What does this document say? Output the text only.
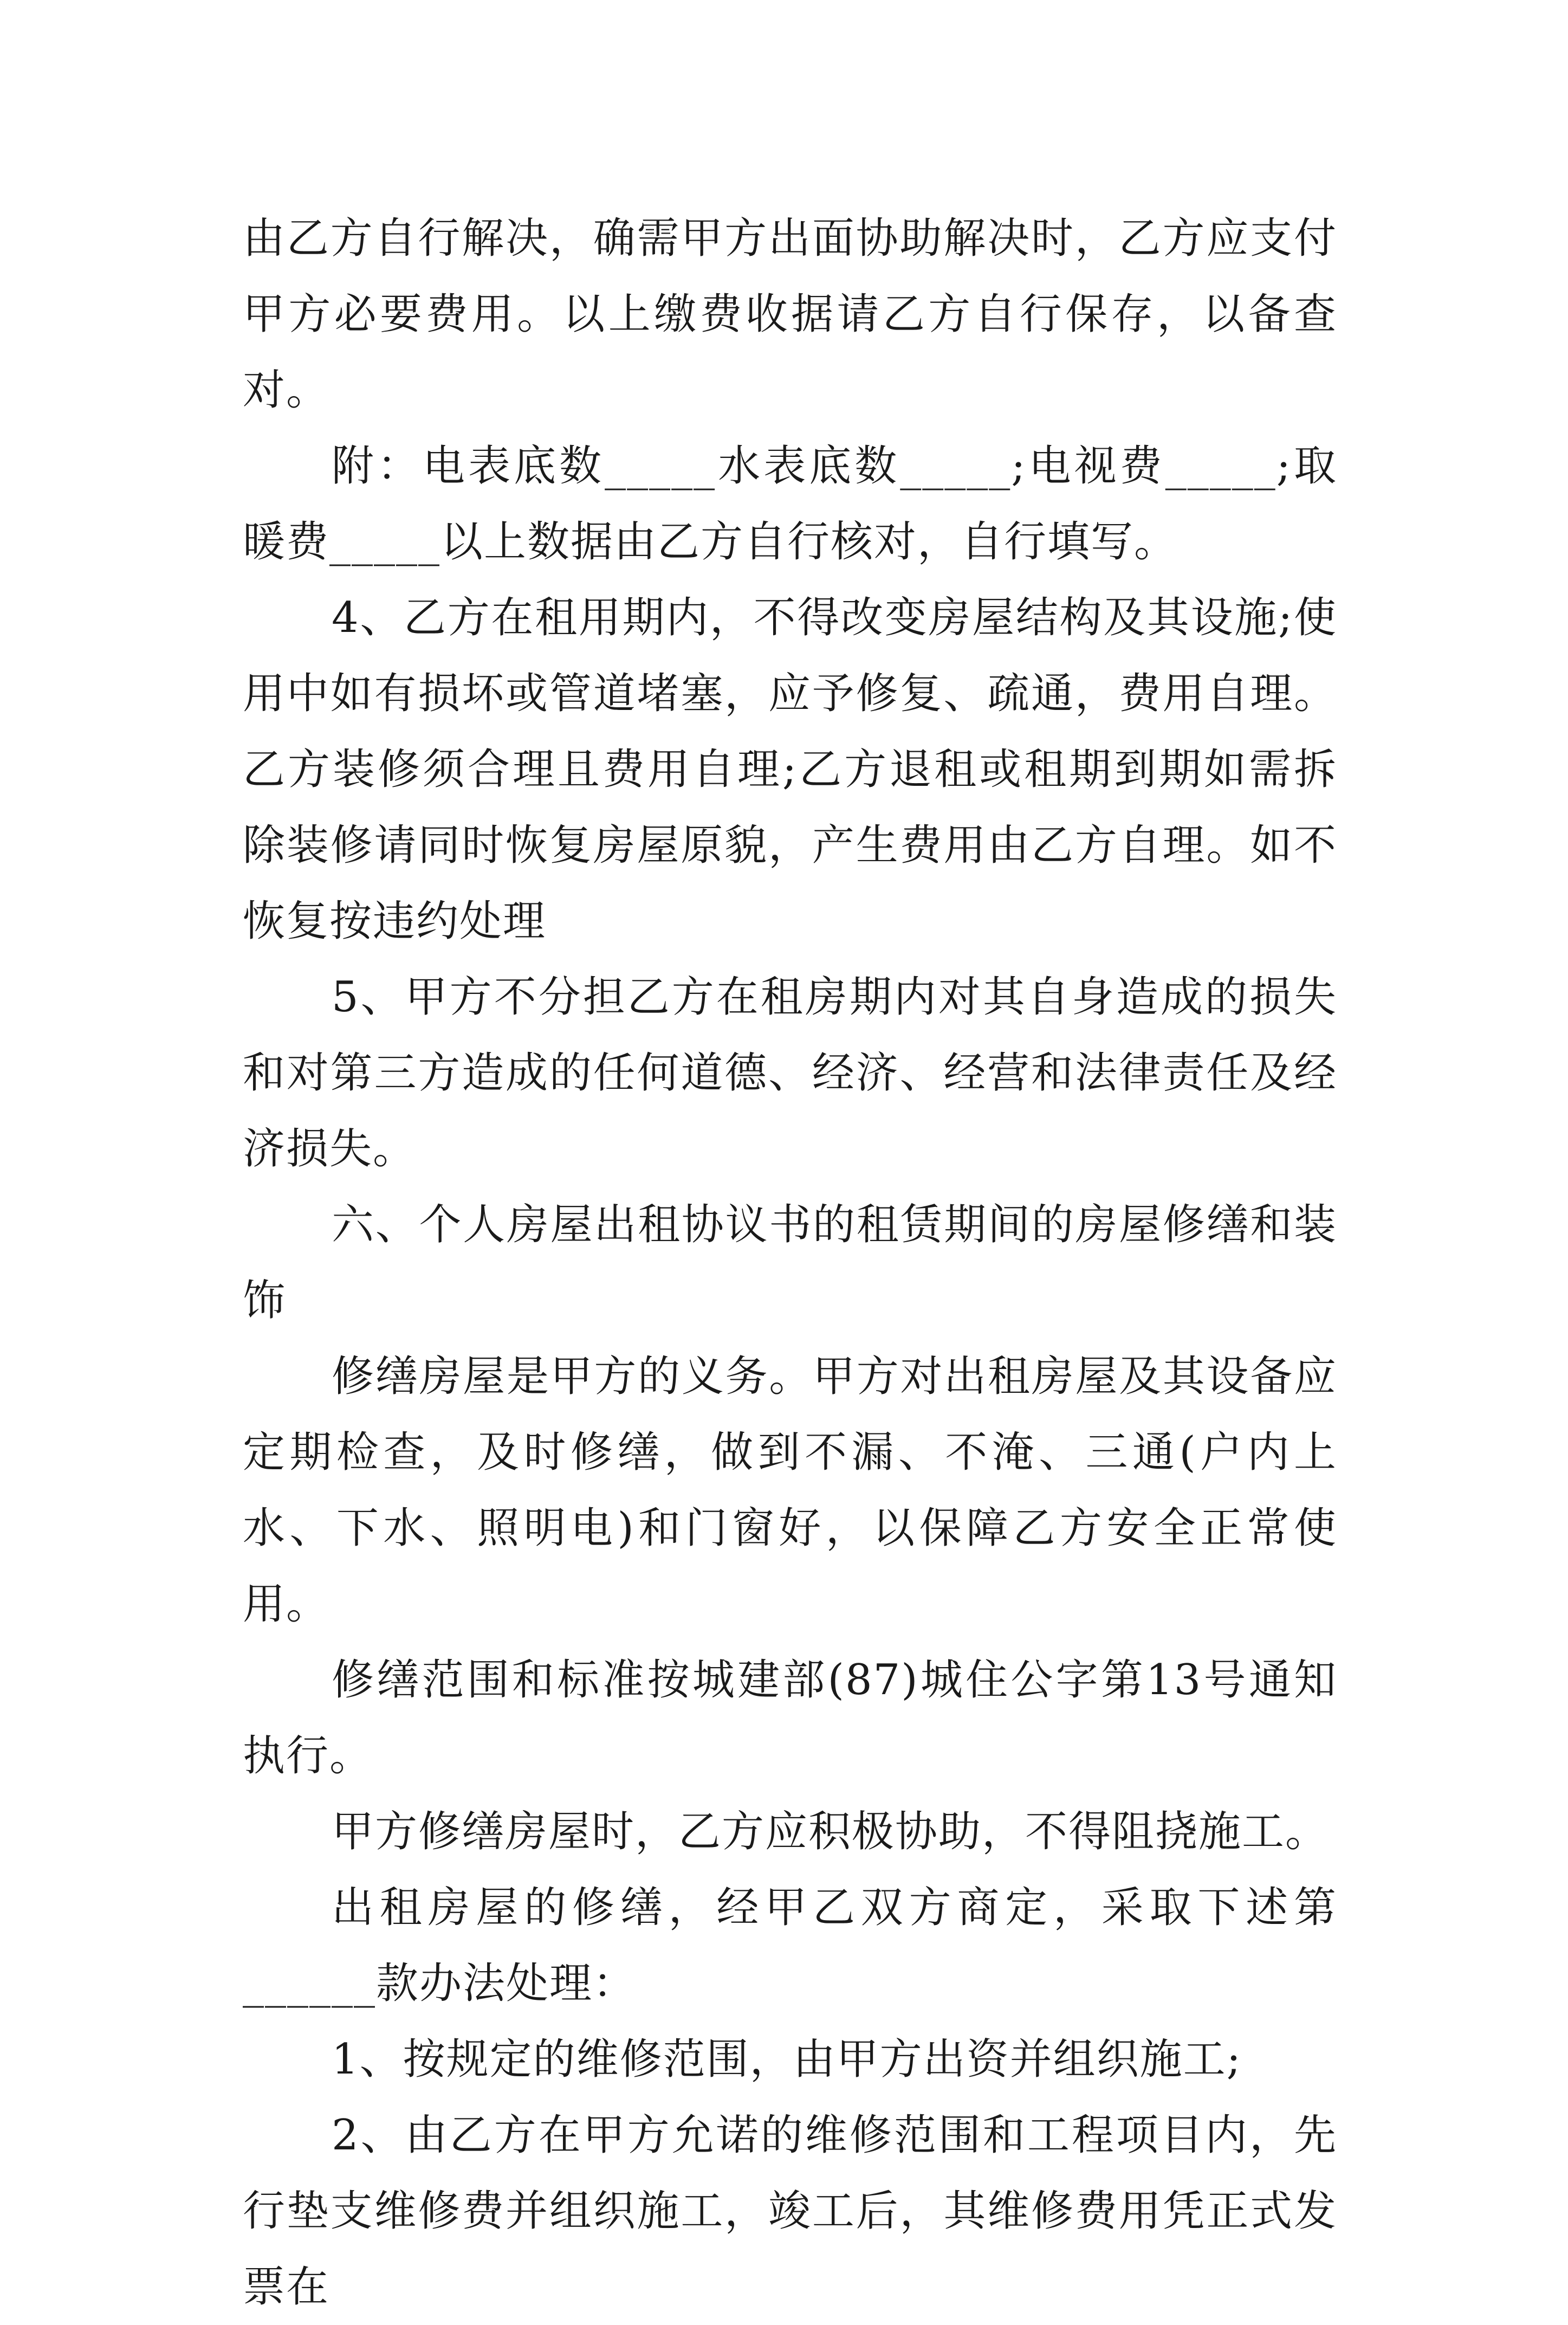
由乙方自行解决，确需甲方出面协助解决时，乙方应支付甲方必要费用。以上缴费收据请乙方自行保存，以备查对。

附：电表底数_____水表底数_____;电视费_____;取暖费_____以上数据由乙方自行核对，自行填写。

4、乙方在租用期内，不得改变房屋结构及其设施;使用中如有损坏或管道堵塞，应予修复、疏通，费用自理。乙方装修须合理且费用自理;乙方退租或租期到期如需拆除装修请同时恢复房屋原貌，产生费用由乙方自理。如不恢复按违约处理

5、甲方不分担乙方在租房期内对其自身造成的损失和对第三方造成的任何道德、经济、经营和法律责任及经济损失。

六、个人房屋出租协议书的租赁期间的房屋修缮和装饰

修缮房屋是甲方的义务。甲方对出租房屋及其设备应定期检查，及时修缮，做到不漏、不淹、三通(户内上水、下水、照明电)和门窗好，以保障乙方安全正常使用。

修缮范围和标准按城建部(87)城住公字第13号通知执行。

甲方修缮房屋时，乙方应积极协助，不得阻挠施工。

出租房屋的修缮，经甲乙双方商定，采取下述第______款办法处理：

1、按规定的维修范围，由甲方出资并组织施工;

2、由乙方在甲方允诺的维修范围和工程项目内，先行垫支维修费并组织施工，竣工后，其维修费用凭正式发票在
